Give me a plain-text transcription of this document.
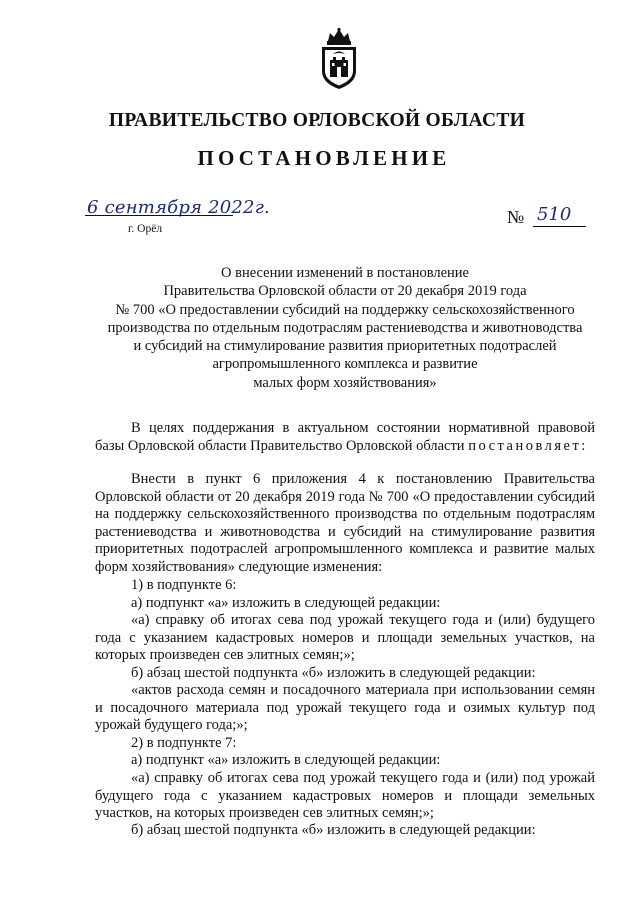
ПРАВИТЕЛЬСТВО ОРЛОВСКОЙ ОБЛАСТИ
ПОСТАНОВЛЕНИЕ
6 сентября 2022г.
г. Орёл
№ 510
О внесении изменений в постановление
Правительства Орловской области от 20 декабря 2019 года
№ 700 «О предоставлении субсидий на поддержку сельскохозяйственного
производства по отдельным подотраслям растениеводства и животноводства
и субсидий на стимулирование развития приоритетных подотраслей
агропромышленного комплекса и развитие
малых форм хозяйствования»
В целях поддержания в актуальном состоянии нормативной правовой базы Орловской области Правительство Орловской области постановляет:
Внести в пункт 6 приложения 4 к постановлению Правительства Орловской области от 20 декабря 2019 года № 700 «О предоставлении субсидий на поддержку сельскохозяйственного производства по отдельным подотраслям растениеводства и животноводства и субсидий на стимулирование развития приоритетных подотраслей агропромышленного комплекса и развитие малых форм хозяйствования» следующие изменения:
1) в подпункте 6:
а) подпункт «а» изложить в следующей редакции:
«а) справку об итогах сева под урожай текущего года и (или) будущего года с указанием кадастровых номеров и площади земельных участков, на которых произведен сев элитных семян;»;
б) абзац шестой подпункта «б» изложить в следующей редакции:
«актов расхода семян и посадочного материала при использовании семян и посадочного материала под урожай текущего года и озимых культур под урожай будущего года;»;
2) в подпункте 7:
а) подпункт «а» изложить в следующей редакции:
«а) справку об итогах сева под урожай текущего года и (или) под урожай будущего года с указанием кадастровых номеров и площади земельных участков, на которых произведен сев элитных семян;»;
б) абзац шестой подпункта «б» изложить в следующей редакции:
